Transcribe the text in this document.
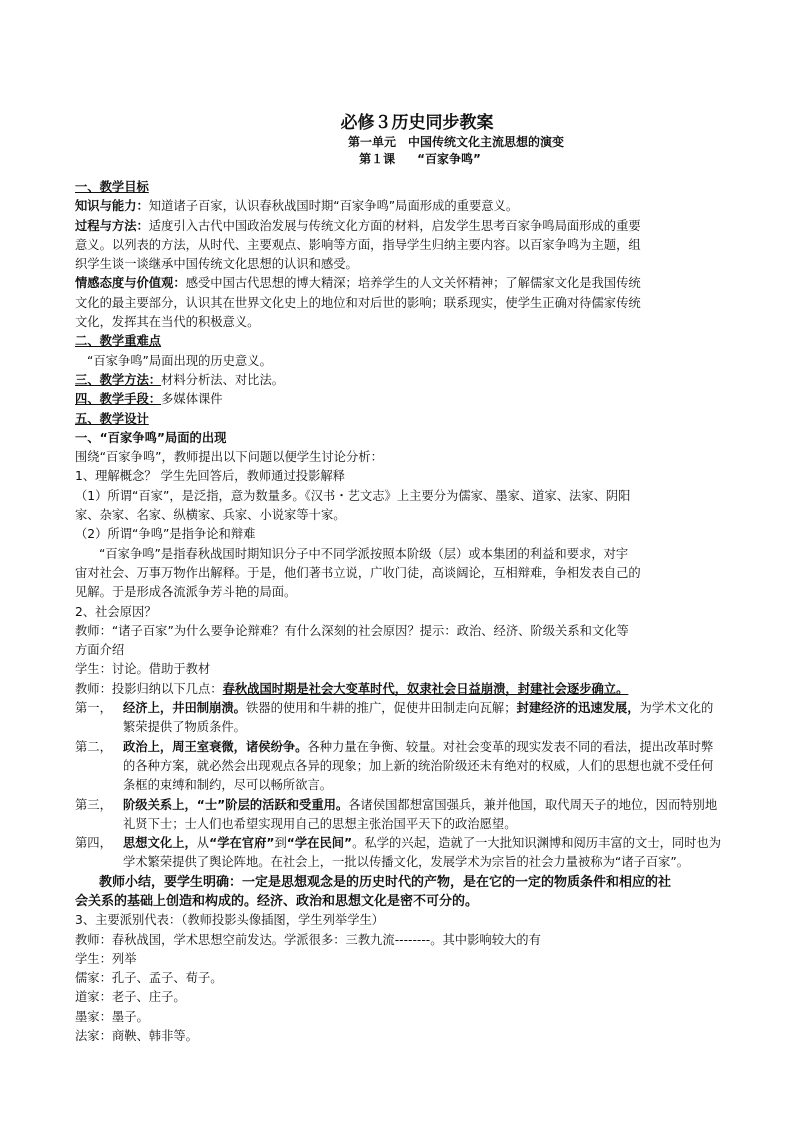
必修３历史同步教案

第一单元　中国传统文化主流思想的演变

第１课 “百家争鸣”

一、教学目标

知识与能力：知道诸子百家，认识春秋战国时期“百家争鸣”局面形成的重要意义。

过程与方法：适度引入古代中国政治发展与传统文化方面的材料，启发学生思考百家争鸣局面形成的重要

意义。以列表的方法，从时代、主要观点、影响等方面，指导学生归纳主要内容。以百家争鸣为主题，组

织学生谈一谈继承中国传统文化思想的认识和感受。

情感态度与价值观：感受中国古代思想的博大精深；培养学生的人文关怀精神；了解儒家文化是我国传统

文化的最主要部分，认识其在世界文化史上的地位和对后世的影响；联系现实，使学生正确对待儒家传统

文化，发挥其在当代的积极意义。

二、教学重难点

“百家争鸣”局面出现的历史意义。

三、教学方法：材料分析法、对比法。

四、教学手段：多媒体课件

五、教学设计

一、“百家争鸣”局面的出现

围绕“百家争鸣”，教师提出以下问题以便学生讨论分析：

1、理解概念？ 学生先回答后，教师通过投影解释

（1）所谓“百家”，是泛指，意为数量多。《汉书・艺文志》上主要分为儒家、墨家、道家、法家、阴阳

家、杂家、名家、纵横家、兵家、小说家等十家。

（2）所谓“争鸣”是指争论和辩难

“百家争鸣”是指春秋战国时期知识分子中不同学派按照本阶级（层）或本集团的利益和要求，对宇

宙对社会、万事万物作出解释。于是，他们著书立说，广收门徒，高谈阔论，互相辩难，争相发表自己的

见解。于是形成各流派争芳斗艳的局面。

2、社会原因？

教师：“诸子百家”为什么要争论辩难？有什么深刻的社会原因？提示：政治、经济、阶级关系和文化等

方面介绍

学生：讨论。借助于教材

教师：投影归纳以下几点：春秋战国时期是社会大变革时代，奴隶社会日益崩溃，封建社会逐步确立。

第一， 经济上，井田制崩溃。铁器的使用和牛耕的推广，促使井田制走向瓦解；封建经济的迅速发展，为学术文化的繁荣提供了物质条件。

第二， 政治上，周王室衰微，诸侯纷争。各种力量在争衡、较量。对社会变革的现实发表不同的看法，提出改革时弊的各种方案，就必然会出现观点各异的现象；加上新的统治阶级还未有绝对的权威，人们的思想也就不受任何条框的束缚和制约，尽可以畅所欲言。

第三， 阶级关系上，“士”阶层的活跃和受重用。各诸侯国都想富国强兵，兼并他国，取代周天子的地位，因而特别地礼贤下士；士人们也希望实现用自己的思想主张治国平天下的政治愿望。

第四， 思想文化上，从“学在官府”到“学在民间”。私学的兴起，造就了一大批知识渊博和阅历丰富的文士，同时也为学术繁荣提供了舆论阵地。在社会上，一批以传播文化，发展学术为宗旨的社会力量被称为“诸子百家”。

教师小结，要学生明确：一定是思想观念是的历史时代的产物，是在它的一定的物质条件和相应的社

会关系的基础上创造和构成的。经济、政治和思想文化是密不可分的。

3、主要派别代表：（教师投影头像插图，学生列举学生）

教师：春秋战国，学术思想空前发达。学派很多：三教九流--------。其中影响较大的有

学生：列举

儒家：孔子、孟子、荀子。

道家：老子、庄子。

墨家：墨子。

法家：商鞅、韩非等。
